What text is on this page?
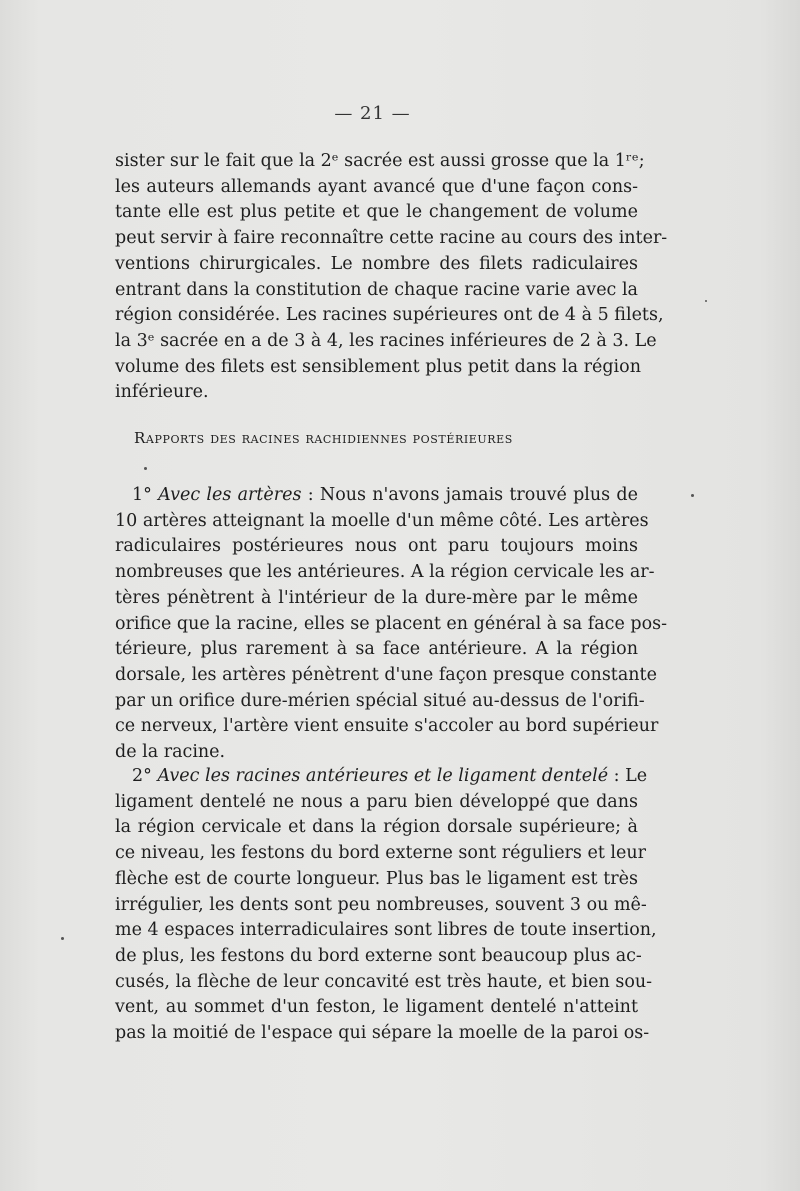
— 21 —
sister sur le fait que la 2ᵉ sacrée est aussi grosse que la 1ʳᵉ;
les auteurs allemands ayant avancé que d'une façon cons-
tante elle est plus petite et que le changement de volume
peut servir à faire reconnaître cette racine au cours des inter-
ventions chirurgicales. Le nombre des filets radiculaires
entrant dans la constitution de chaque racine varie avec la
région considérée. Les racines supérieures ont de 4 à 5 filets,
la 3ᵉ sacrée en a de 3 à 4, les racines inférieures de 2 à 3. Le
volume des filets est sensiblement plus petit dans la région
inférieure.
Rapports des racines rachidiennes postérieures
1° Avec les artères : Nous n'avons jamais trouvé plus de
10 artères atteignant la moelle d'un même côté. Les artères
radiculaires postérieures nous ont paru toujours moins
nombreuses que les antérieures. A la région cervicale les ar-
tères pénètrent à l'intérieur de la dure-mère par le même
orifice que la racine, elles se placent en général à sa face pos-
térieure, plus rarement à sa face antérieure. A la région
dorsale, les artères pénètrent d'une façon presque constante
par un orifice dure-mérien spécial situé au-dessus de l'orifi-
ce nerveux, l'artère vient ensuite s'accoler au bord supérieur
de la racine.
2° Avec les racines antérieures et le ligament dentelé : Le
ligament dentelé ne nous a paru bien développé que dans
la région cervicale et dans la région dorsale supérieure; à
ce niveau, les festons du bord externe sont réguliers et leur
flèche est de courte longueur. Plus bas le ligament est très
irrégulier, les dents sont peu nombreuses, souvent 3 ou mê-
me 4 espaces interradiculaires sont libres de toute insertion,
de plus, les festons du bord externe sont beaucoup plus ac-
cusés, la flèche de leur concavité est très haute, et bien sou-
vent, au sommet d'un feston, le ligament dentelé n'atteint
pas la moitié de l'espace qui sépare la moelle de la paroi os-
